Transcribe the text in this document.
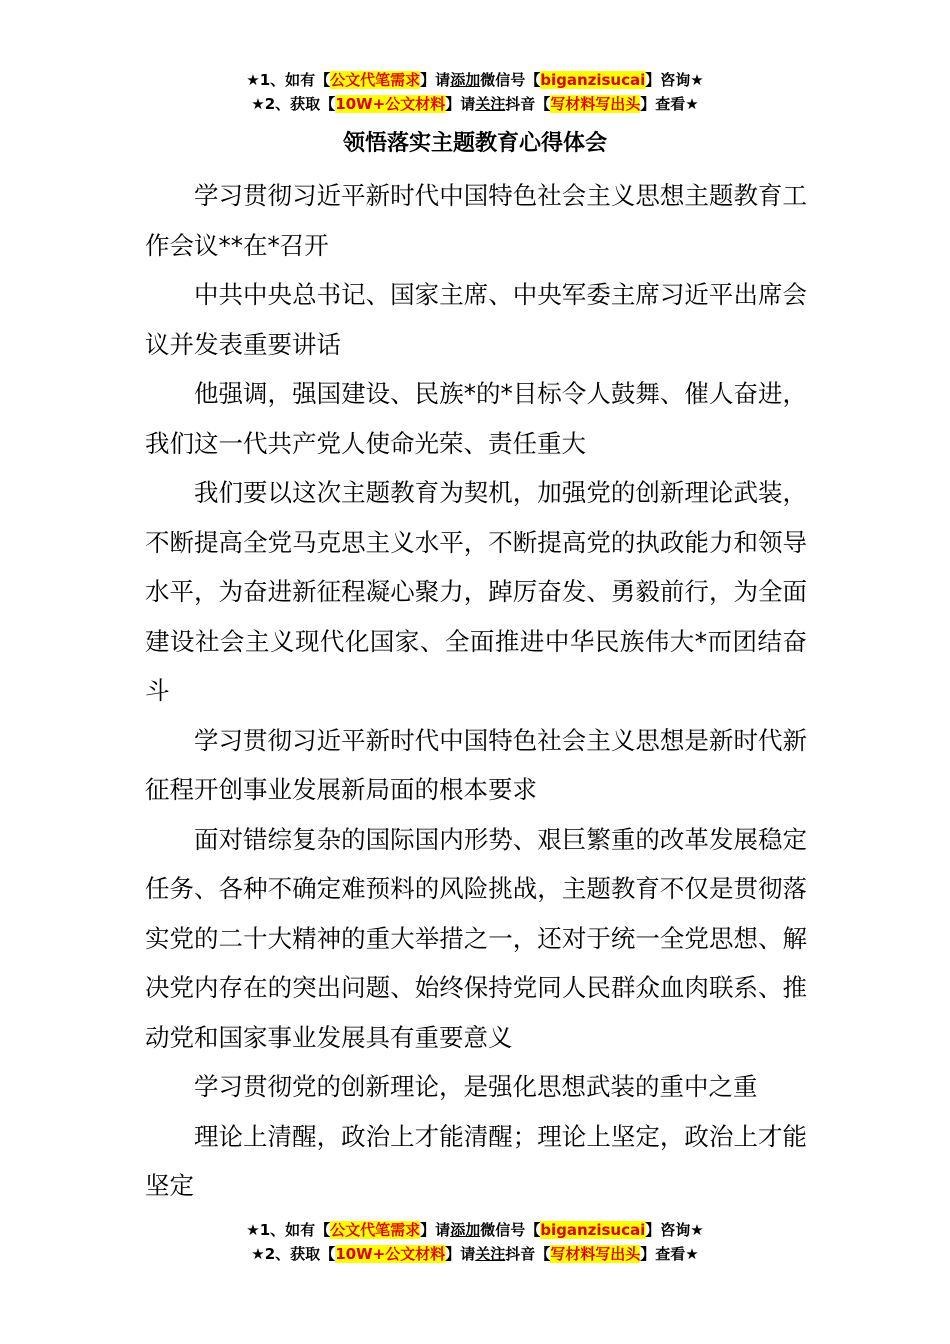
★1、如有【公文代笔需求】请添加微信号【biganzisucai】咨询★
★2、获取【10W+公文材料】请关注抖音【写材料写出头】查看★
领悟落实主题教育心得体会

学习贯彻习近平新时代中国特色社会主义思想主题教育工作会议**在*召开

中共中央总书记、国家主席、中央军委主席习近平出席会议并发表重要讲话

他强调，强国建设、民族*的*目标令人鼓舞、催人奋进，我们这一代共产党人使命光荣、责任重大

我们要以这次主题教育为契机，加强党的创新理论武装，不断提高全党马克思主义水平，不断提高党的执政能力和领导水平，为奋进新征程凝心聚力，踔厉奋发、勇毅前行，为全面建设社会主义现代化国家、全面推进中华民族伟大*而团结奋斗

学习贯彻习近平新时代中国特色社会主义思想是新时代新征程开创事业发展新局面的根本要求

面对错综复杂的国际国内形势、艰巨繁重的改革发展稳定任务、各种不确定难预料的风险挑战，主题教育不仅是贯彻落实党的二十大精神的重大举措之一，还对于统一全党思想、解决党内存在的突出问题、始终保持党同人民群众血肉联系、推动党和国家事业发展具有重要意义

学习贯彻党的创新理论，是强化思想武装的重中之重

理论上清醒，政治上才能清醒；理论上坚定，政治上才能坚定

★1、如有【公文代笔需求】请添加微信号【biganzisucai】咨询★
★2、获取【10W+公文材料】请关注抖音【写材料写出头】查看★
